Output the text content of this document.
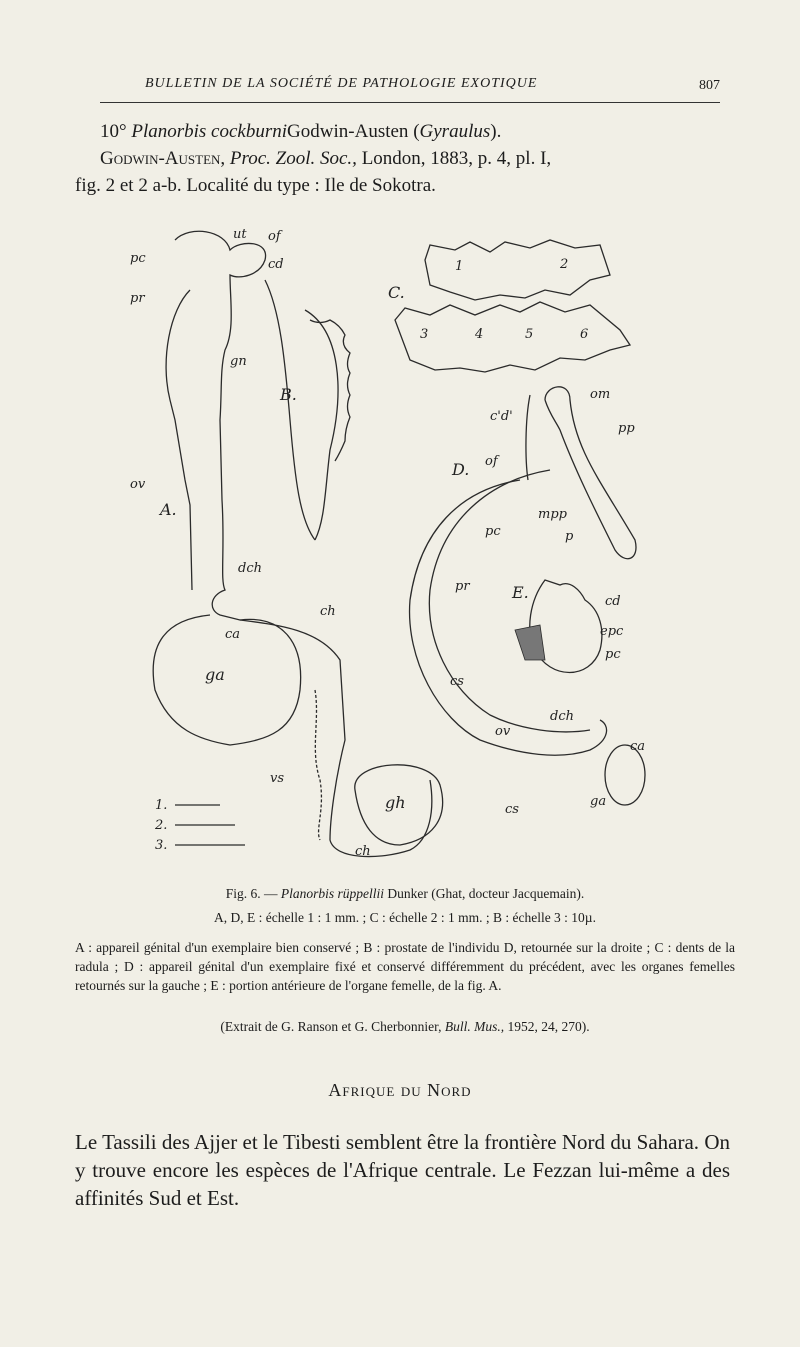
BULLETIN DE LA SOCIÉTÉ DE PATHOLOGIE EXOTIQUE	807

10° Planorbis cockburniGodwin-Austen (Gyraulus).

Godwin-Austen, Proc. Zool. Soc., London, 1883, p. 4, pl. I,

fig. 2 et 2 a-b. Localité du type : Ile de Sokotra.

pc
pr
ut of
cd
gn
B.
ov
A.
dch
ca
ga
ch
vs
gh
ch
C.
1	2
3	4	5	6
om
c'd'
pp
D. of
mpp
pc	p
pr	E.	cd
epc
pc
cs
dch
ov
ca
ga
cs
1.
2.
3.
Fig. 6. — Planorbis rüppellii Dunker (Ghat, docteur Jacquemain).
A, D, E : échelle 1 : 1 mm. ; C : échelle 2 : 1 mm. ; B : échelle 3 : 10µ.
A : appareil génital d'un exemplaire bien conservé ; B : prostate de l'individu D, retournée sur la droite ; C : dents de la radula ; D : appareil génital d'un exemplaire fixé et conservé différemment du précédent, avec les organes femelles retournés sur la gauche ; E : portion antérieure de l'organe femelle, de la fig. A.
(Extrait de G. Ranson et G. Cherbonnier, Bull. Mus., 1952, 24, 270).
Afrique du Nord

Le Tassili des Ajjer et le Tibesti semblent être la frontière Nord du Sahara. On y trouve encore les espèces de l'Afrique centrale. Le Fezzan lui-même a des affinités Sud et Est.
